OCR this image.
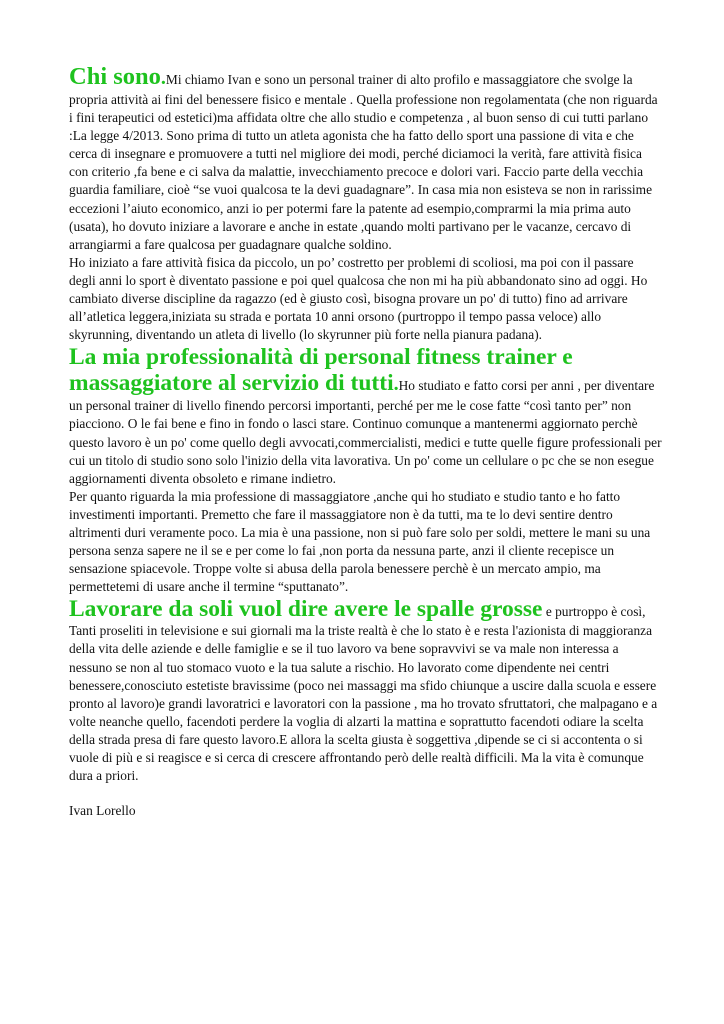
Chi sono.Mi chiamo Ivan e sono un personal trainer di alto profilo e massaggiatore che svolge la propria attività ai fini del benessere fisico e mentale . Quella professione non regolamentata (che non riguarda i fini terapeutici od estetici)ma affidata oltre che allo studio e competenza , al buon senso di cui tutti parlano :La legge 4/2013. Sono prima di tutto un atleta agonista che ha fatto dello sport una passione di vita e che cerca di insegnare e promuovere a tutti nel migliore dei modi, perché diciamoci la verità, fare attività fisica con criterio ,fa bene e ci salva da malattie, invecchiamento precoce e dolori vari. Faccio parte della vecchia guardia familiare, cioè “se vuoi qualcosa te la devi guadagnare”. In casa mia non esisteva se non in rarissime eccezioni l’aiuto economico, anzi io per potermi fare la patente ad esempio,comprarmi la mia prima auto (usata), ho dovuto iniziare a lavorare e anche in estate ,quando molti partivano per le vacanze, cercavo di arrangiarmi a fare qualcosa per guadagnare qualche soldino.

Ho iniziato a fare attività fisica da piccolo, un po’ costretto per problemi di scoliosi, ma poi con il passare degli anni lo sport è diventato passione e poi quel qualcosa che non mi ha più abbandonato sino ad oggi. Ho cambiato diverse discipline da ragazzo (ed è giusto così, bisogna provare un po' di tutto) fino ad arrivare all’atletica leggera,iniziata su strada e portata 10 anni orsono (purtroppo il tempo passa veloce) allo skyrunning, diventando un atleta di livello (lo skyrunner più forte nella pianura padana).

La mia professionalità di personal fitness trainer e massaggiatore al servizio di tutti.Ho studiato e fatto corsi per anni , per diventare un personal trainer di livello finendo percorsi importanti, perché per me le cose fatte “così tanto per” non piacciono. O le fai bene e fino in fondo o lasci stare. Continuo comunque a mantenermi aggiornato perchè questo lavoro è un po' come quello degli avvocati,commercialisti, medici e tutte quelle figure professionali per cui un titolo di studio sono solo l'inizio della vita lavorativa. Un po' come un cellulare o pc che se non esegue aggiornamenti diventa obsoleto e rimane indietro.

Per quanto riguarda la mia professione di massaggiatore ,anche qui ho studiato e studio tanto e ho fatto investimenti importanti. Premetto che fare il massaggiatore non è da tutti, ma te lo devi sentire dentro altrimenti duri veramente poco. La mia è una passione, non si può fare solo per soldi, mettere le mani su una persona senza sapere ne il se e per come lo fai ,non porta da nessuna parte, anzi il cliente recepisce un sensazione spiacevole. Troppe volte si abusa della parola benessere perchè è un mercato ampio, ma permettetemi di usare anche il termine “sputtanato”.

Lavorare da soli vuol dire avere le spalle grosse e purtroppo è così, Tanti proseliti in televisione e sui giornali ma la triste realtà è che lo stato è e resta l'azionista di maggioranza della vita delle aziende e delle famiglie e se il tuo lavoro va bene sopravvivi se va male non interessa a nessuno se non al tuo stomaco vuoto e la tua salute a rischio. Ho lavorato come dipendente nei centri benessere,conosciuto estetiste bravissime (poco nei massaggi ma sfido chiunque a uscire dalla scuola e essere pronto al lavoro)e grandi lavoratrici e lavoratori con la passione , ma ho trovato sfruttatori, che malpagano e a volte neanche quello, facendoti perdere la voglia di alzarti la mattina e soprattutto facendoti odiare la scelta della strada presa di fare questo lavoro.E allora la scelta giusta è soggettiva ,dipende se ci si accontenta o si vuole di più e si reagisce e si cerca di crescere affrontando però delle realtà difficili. Ma la vita è comunque dura a priori.

Ivan Lorello
